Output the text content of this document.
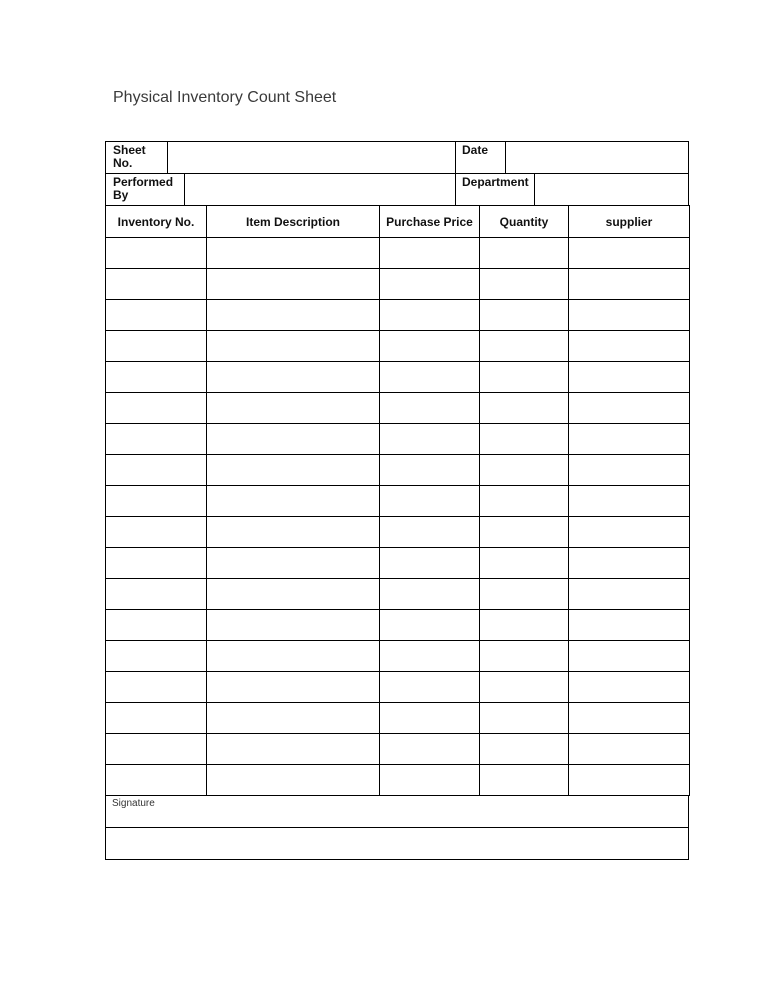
Physical Inventory Count Sheet
Sheet No.
Date
Performed By
Department
Inventory No.	Item Description	Purchase Price	Quantity	supplier

Signature
